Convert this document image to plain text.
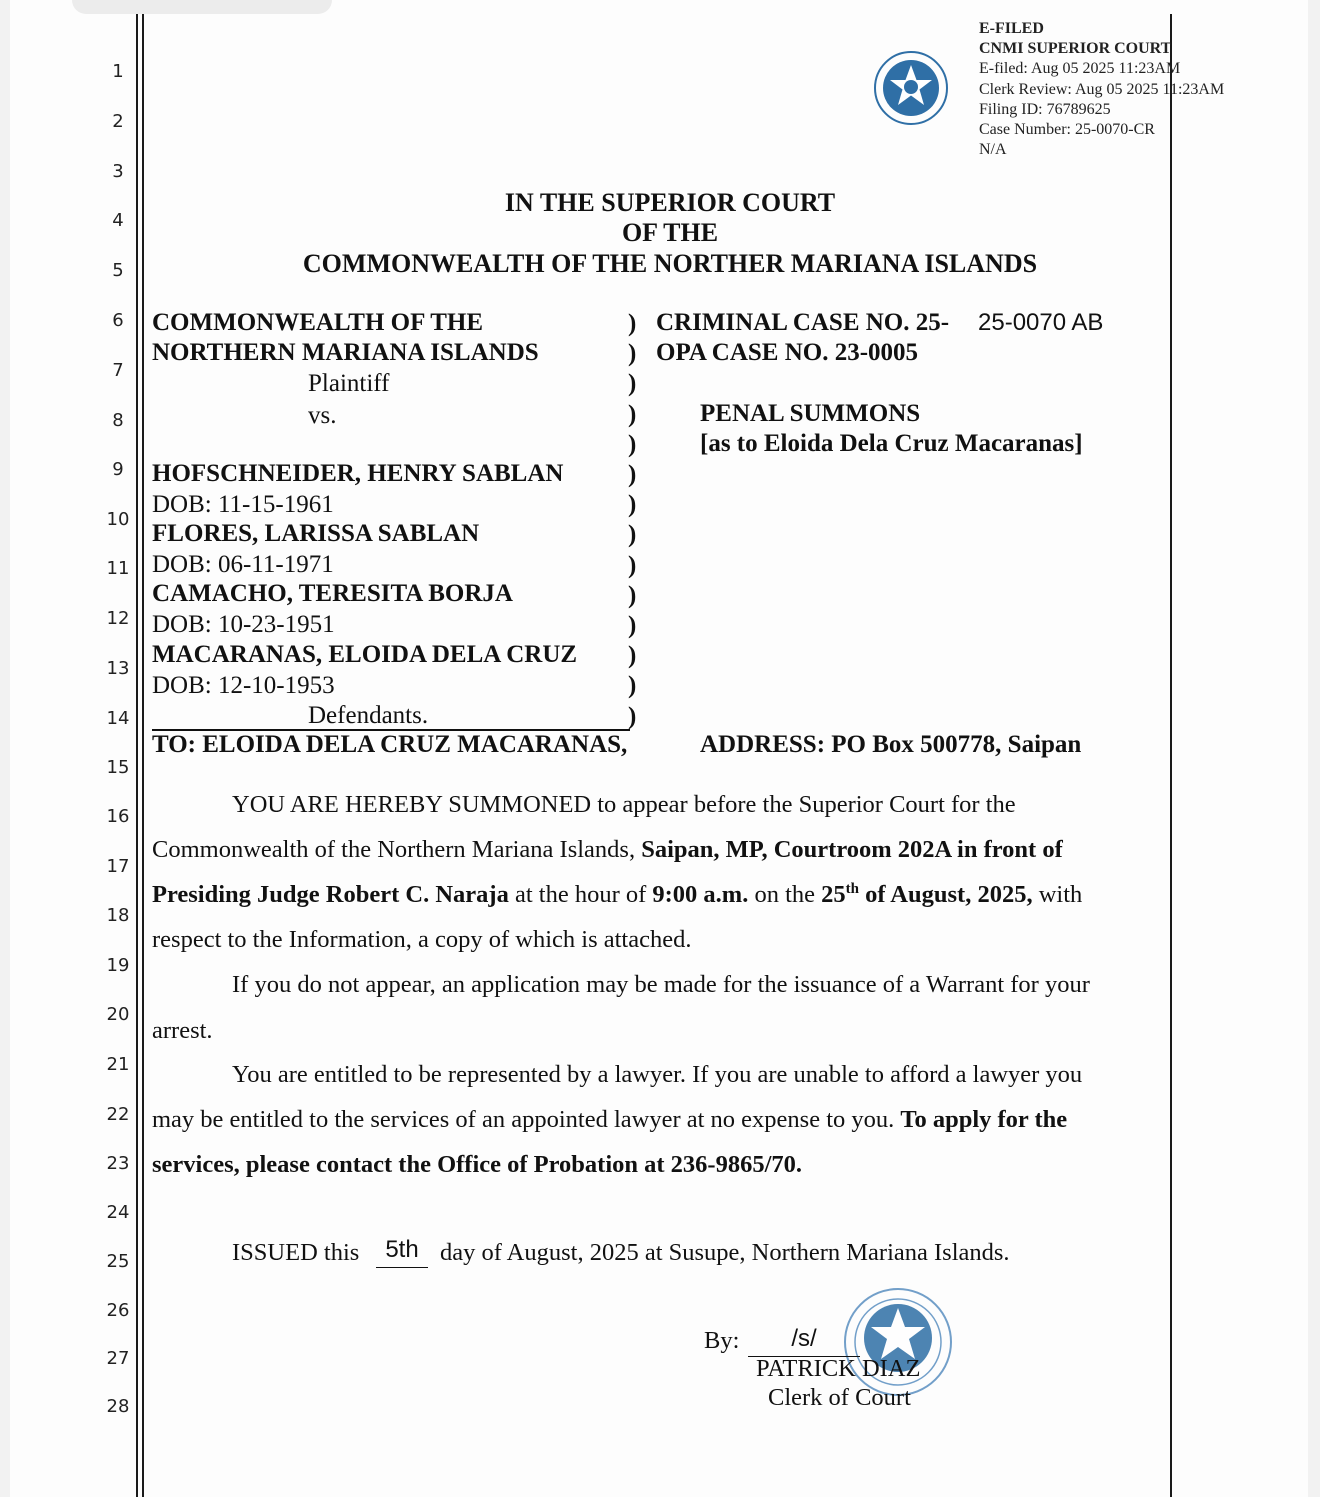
1
2
3
4
5
6
7
8
9
10
11
12
13
14
15
16
17
18
19
20
21
22
23
24
25
26
27
28
E-FILED
CNMI SUPERIOR COURT
E-filed: Aug 05 2025 11:23AM
Clerk Review: Aug 05 2025 11:23AM
Filing ID: 76789625
Case Number: 25-0070-CR
N/A
IN THE SUPERIOR COURT
OF THE
COMMONWEALTH OF THE NORTHER MARIANA ISLANDS
COMMONWEALTH OF THE
NORTHERN MARIANA ISLANDS
Plaintiff
vs.
HOFSCHNEIDER, HENRY SABLAN
DOB: 11-15-1961
FLORES, LARISSA SABLAN
DOB: 06-11-1971
CAMACHO, TERESITA BORJA
DOB: 10-23-1951
MACARANAS, ELOIDA DELA CRUZ
DOB: 12-10-1953
Defendants.
)
)
)
)
)
)
)
)
)
)
)
)
)
)
CRIMINAL CASE NO. 25- 25-0070 AB
OPA CASE NO. 23-0005
PENAL SUMMONS
[as to Eloida Dela Cruz Macaranas]
TO: ELOIDA DELA CRUZ MACARANAS,	ADDRESS: PO Box 500778, Saipan
YOU ARE HEREBY SUMMONED to appear before the Superior Court for the
Commonwealth of the Northern Mariana Islands, Saipan, MP, Courtroom 202A in front of
Presiding Judge Robert C. Naraja at the hour of 9:00 a.m. on the 25th of August, 2025, with
respect to the Information, a copy of which is attached.
If you do not appear, an application may be made for the issuance of a Warrant for your
arrest.
You are entitled to be represented by a lawyer. If you are unable to afford a lawyer you
may be entitled to the services of an appointed lawyer at no expense to you. To apply for the
services, please contact the Office of Probation at 236-9865/70.
ISSUED this	5th day of August, 2025 at Susupe, Northern Mariana Islands.
By:	/s/
PATRICK DIAZ
Clerk of Court
